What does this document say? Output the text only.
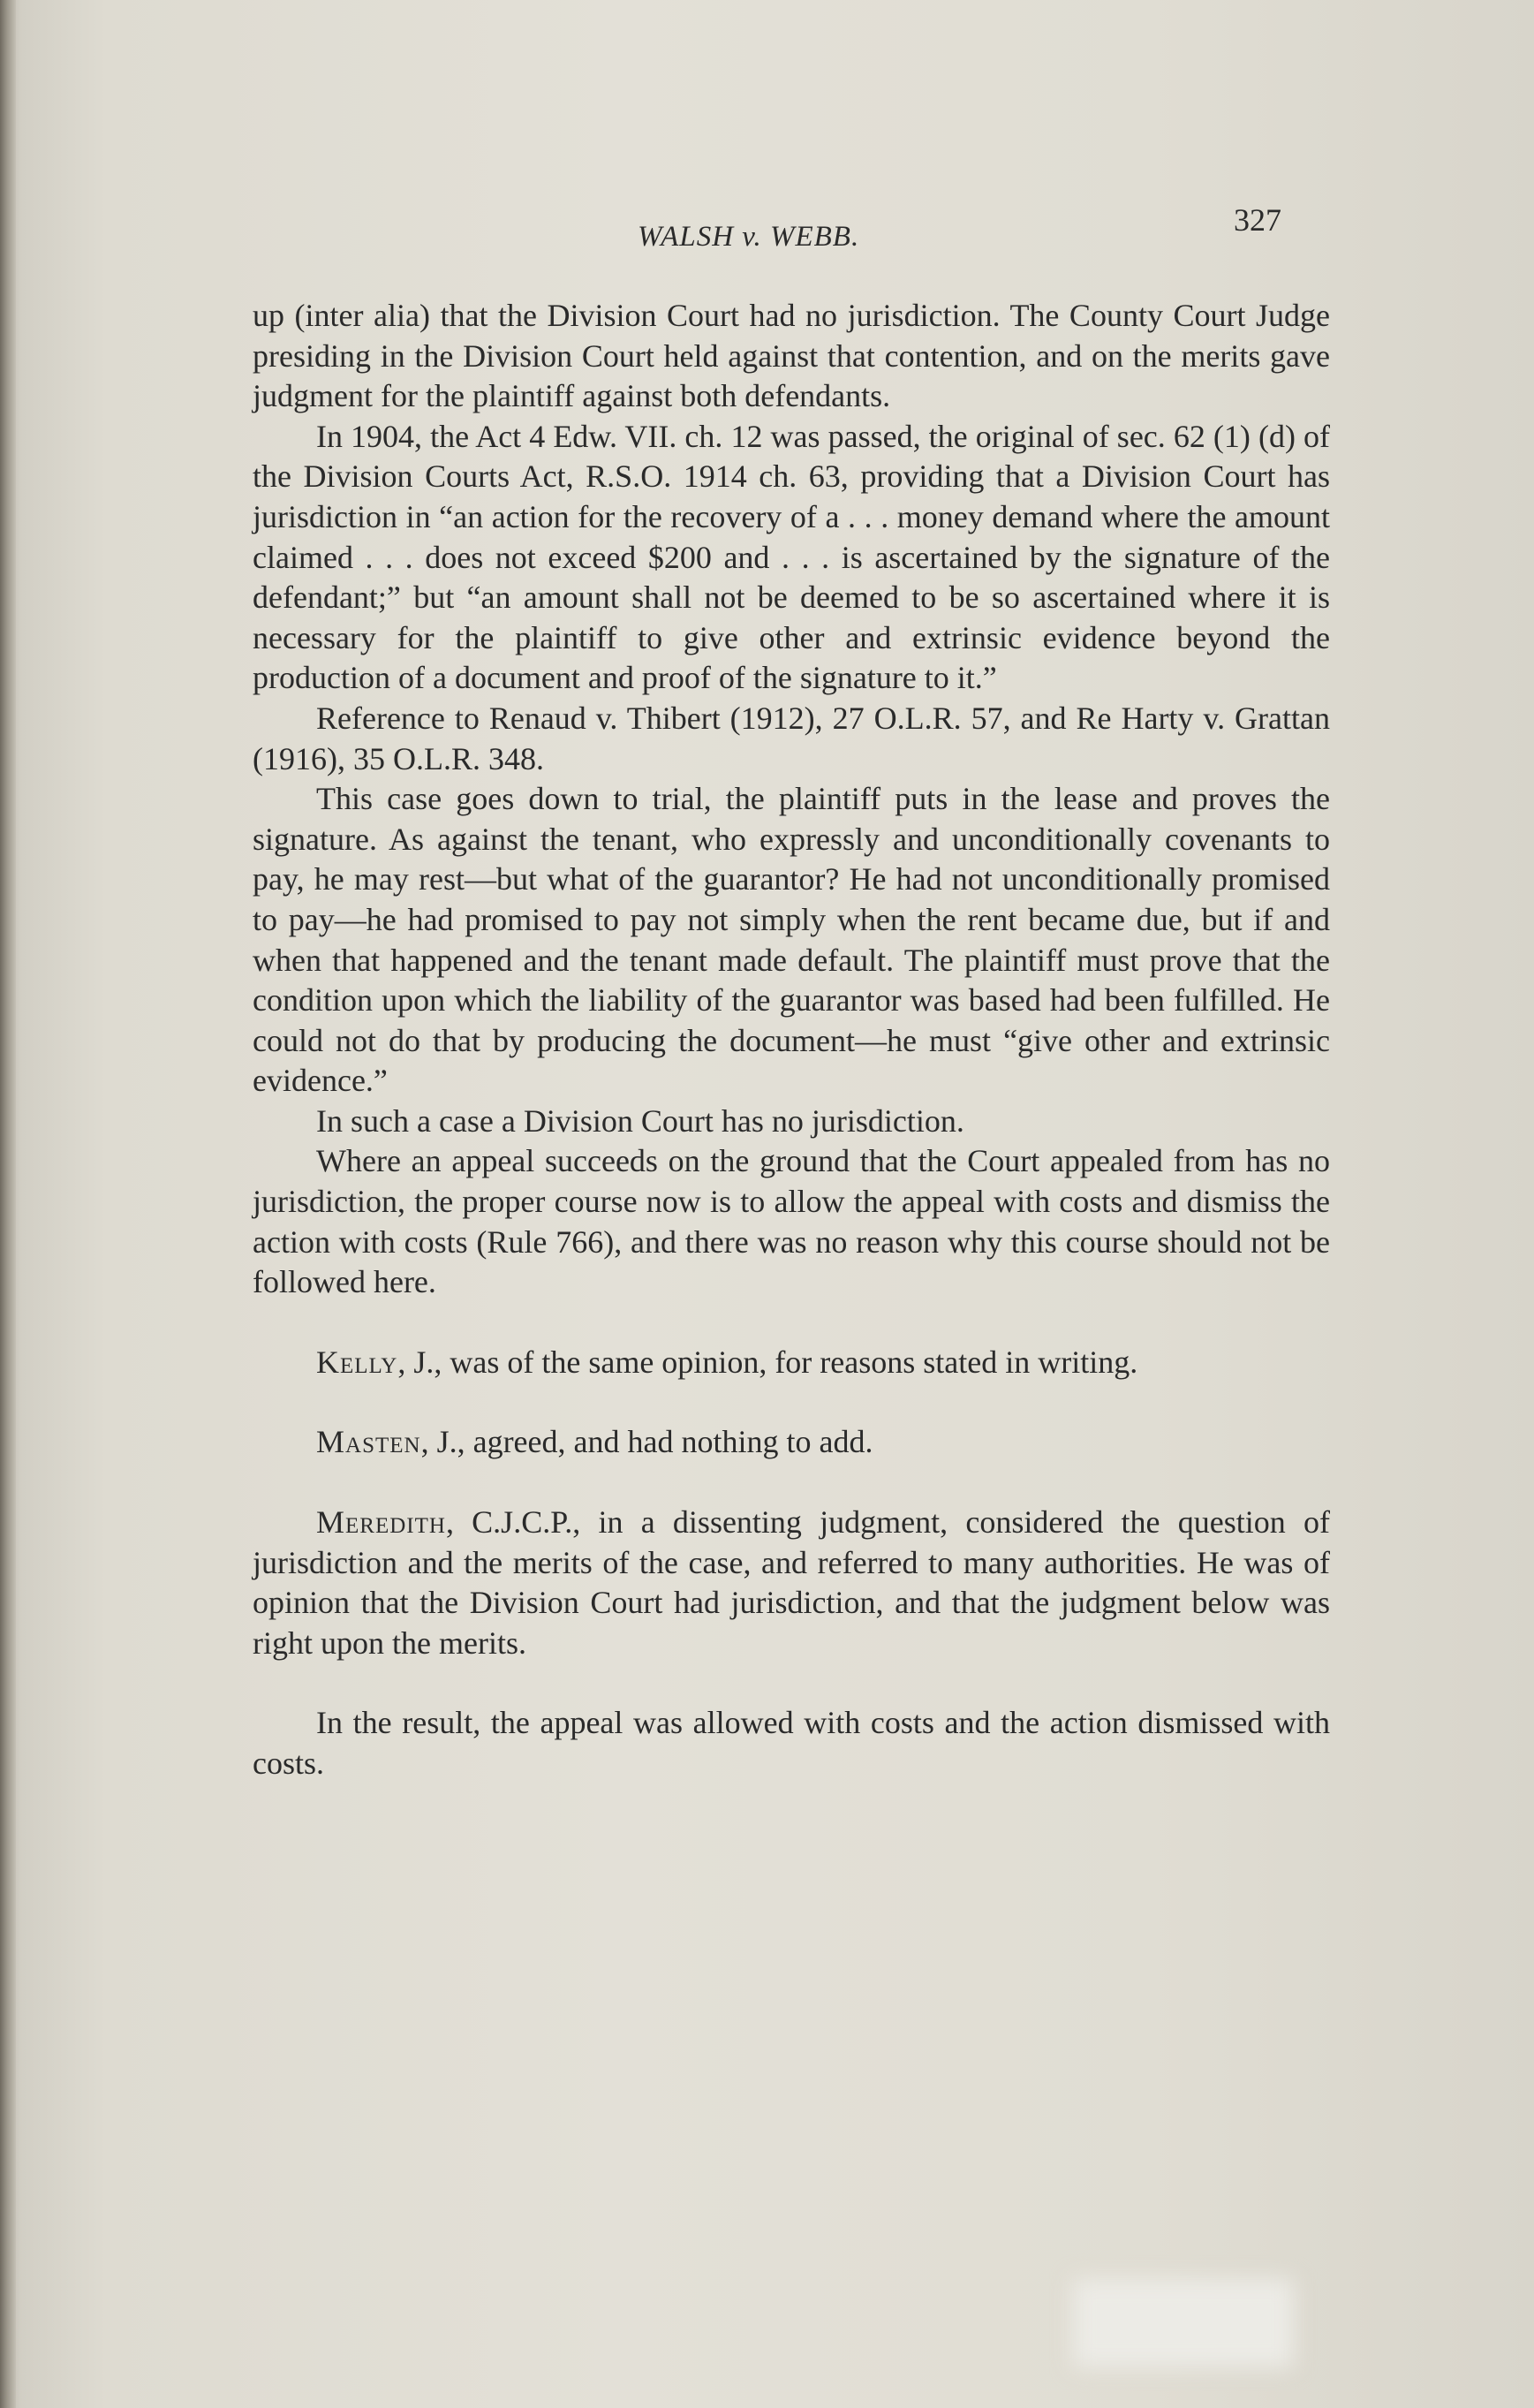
WALSH v. WEBB.	327

up (inter alia) that the Division Court had no jurisdiction. The County Court Judge presiding in the Division Court held against that contention, and on the merits gave judgment for the plaintiff against both defendants.

In 1904, the Act 4 Edw. VII. ch. 12 was passed, the original of sec. 62 (1) (d) of the Division Courts Act, R.S.O. 1914 ch. 63, providing that a Division Court has jurisdiction in “an action for the recovery of a . . . money demand where the amount claimed . . . does not exceed $200 and . . . is ascertained by the signature of the defendant;” but “an amount shall not be deemed to be so ascertained where it is necessary for the plaintiff to give other and extrinsic evidence beyond the production of a document and proof of the signature to it.”

Reference to Renaud v. Thibert (1912), 27 O.L.R. 57, and Re Harty v. Grattan (1916), 35 O.L.R. 348.

This case goes down to trial, the plaintiff puts in the lease and proves the signature. As against the tenant, who expressly and unconditionally covenants to pay, he may rest—but what of the guarantor? He had not unconditionally promised to pay—he had promised to pay not simply when the rent became due, but if and when that happened and the tenant made default. The plaintiff must prove that the condition upon which the liability of the guarantor was based had been fulfilled. He could not do that by producing the document—he must “give other and extrinsic evidence.”

In such a case a Division Court has no jurisdiction.

Where an appeal succeeds on the ground that the Court appealed from has no jurisdiction, the proper course now is to allow the appeal with costs and dismiss the action with costs (Rule 766), and there was no reason why this course should not be followed here.

Kelly, J., was of the same opinion, for reasons stated in writing.

Masten, J., agreed, and had nothing to add.

Meredith, C.J.C.P., in a dissenting judgment, considered the question of jurisdiction and the merits of the case, and referred to many authorities. He was of opinion that the Division Court had jurisdiction, and that the judgment below was right upon the merits.

In the result, the appeal was allowed with costs and the action dismissed with costs.
